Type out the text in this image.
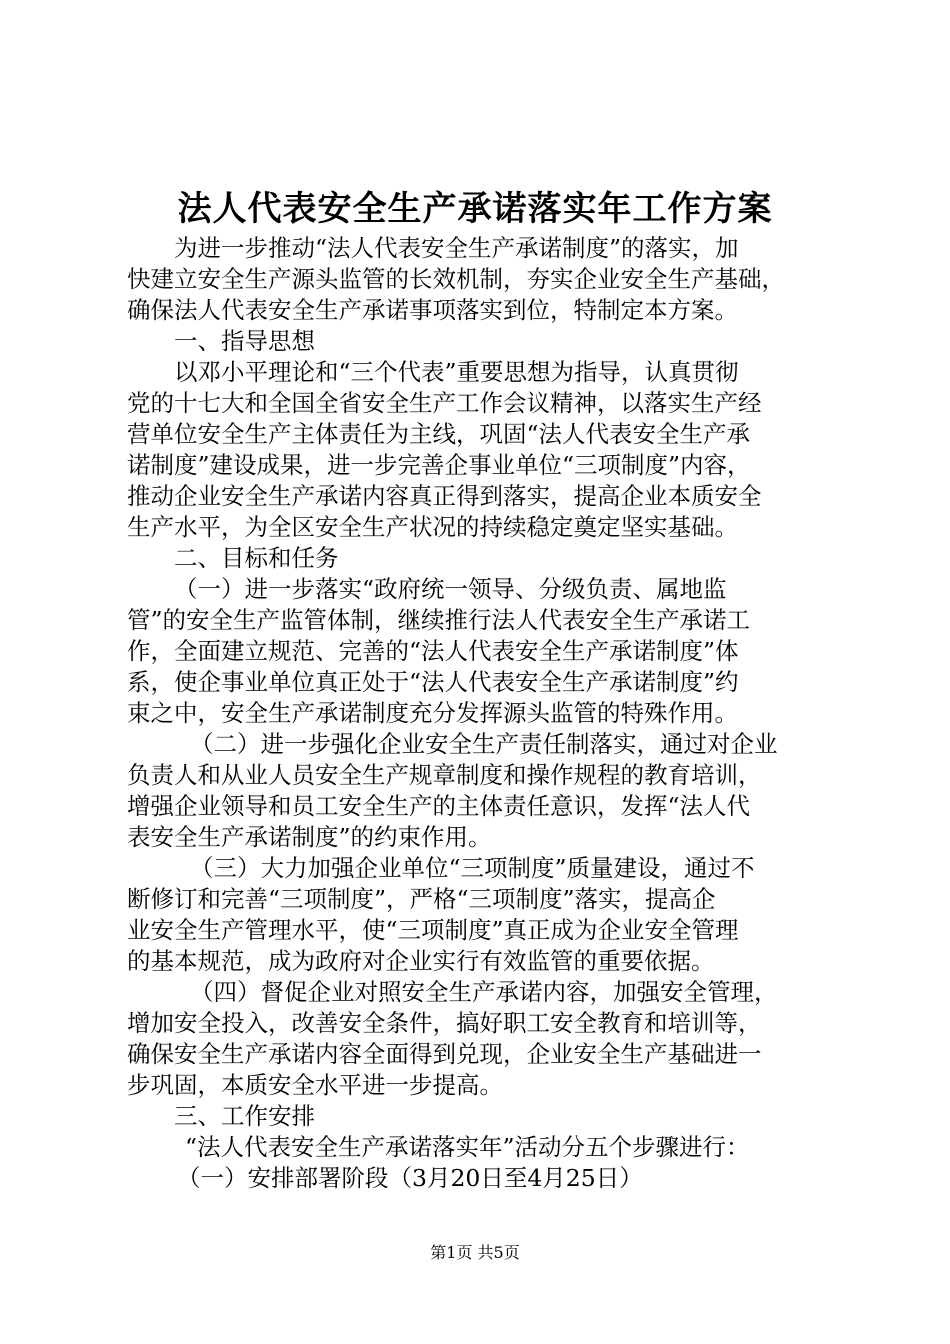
法人代表安全生产承诺落实年工作方案
为进一步推动“法人代表安全生产承诺制度”的落实，加
快建立安全生产源头监管的长效机制，夯实企业安全生产基础，
确保法人代表安全生产承诺事项落实到位，特制定本方案。
一、指导思想
以邓小平理论和“三个代表”重要思想为指导，认真贯彻
党的十七大和全国全省安全生产工作会议精神，以落实生产经
营单位安全生产主体责任为主线，巩固“法人代表安全生产承
诺制度”建设成果，进一步完善企事业单位“三项制度”内容，
推动企业安全生产承诺内容真正得到落实，提高企业本质安全
生产水平，为全区安全生产状况的持续稳定奠定坚实基础。
二、目标和任务
（一）进一步落实“政府统一领导、分级负责、属地监
管”的安全生产监管体制，继续推行法人代表安全生产承诺工
作，全面建立规范、完善的“法人代表安全生产承诺制度”体
系，使企事业单位真正处于“法人代表安全生产承诺制度”约
束之中，安全生产承诺制度充分发挥源头监管的特殊作用。
（二）进一步强化企业安全生产责任制落实，通过对企业
负责人和从业人员安全生产规章制度和操作规程的教育培训，
增强企业领导和员工安全生产的主体责任意识，发挥“法人代
表安全生产承诺制度”的约束作用。
（三）大力加强企业单位“三项制度”质量建设，通过不
断修订和完善“三项制度”，严格“三项制度”落实，提高企
业安全生产管理水平，使“三项制度”真正成为企业安全管理
的基本规范，成为政府对企业实行有效监管的重要依据。
（四）督促企业对照安全生产承诺内容，加强安全管理，
增加安全投入，改善安全条件，搞好职工安全教育和培训等，
确保安全生产承诺内容全面得到兑现，企业安全生产基础进一
步巩固，本质安全水平进一步提高。
三、工作安排
“法人代表安全生产承诺落实年”活动分五个步骤进行：
（一）安排部署阶段（3月20日至4月25日）
第1页 共5页
